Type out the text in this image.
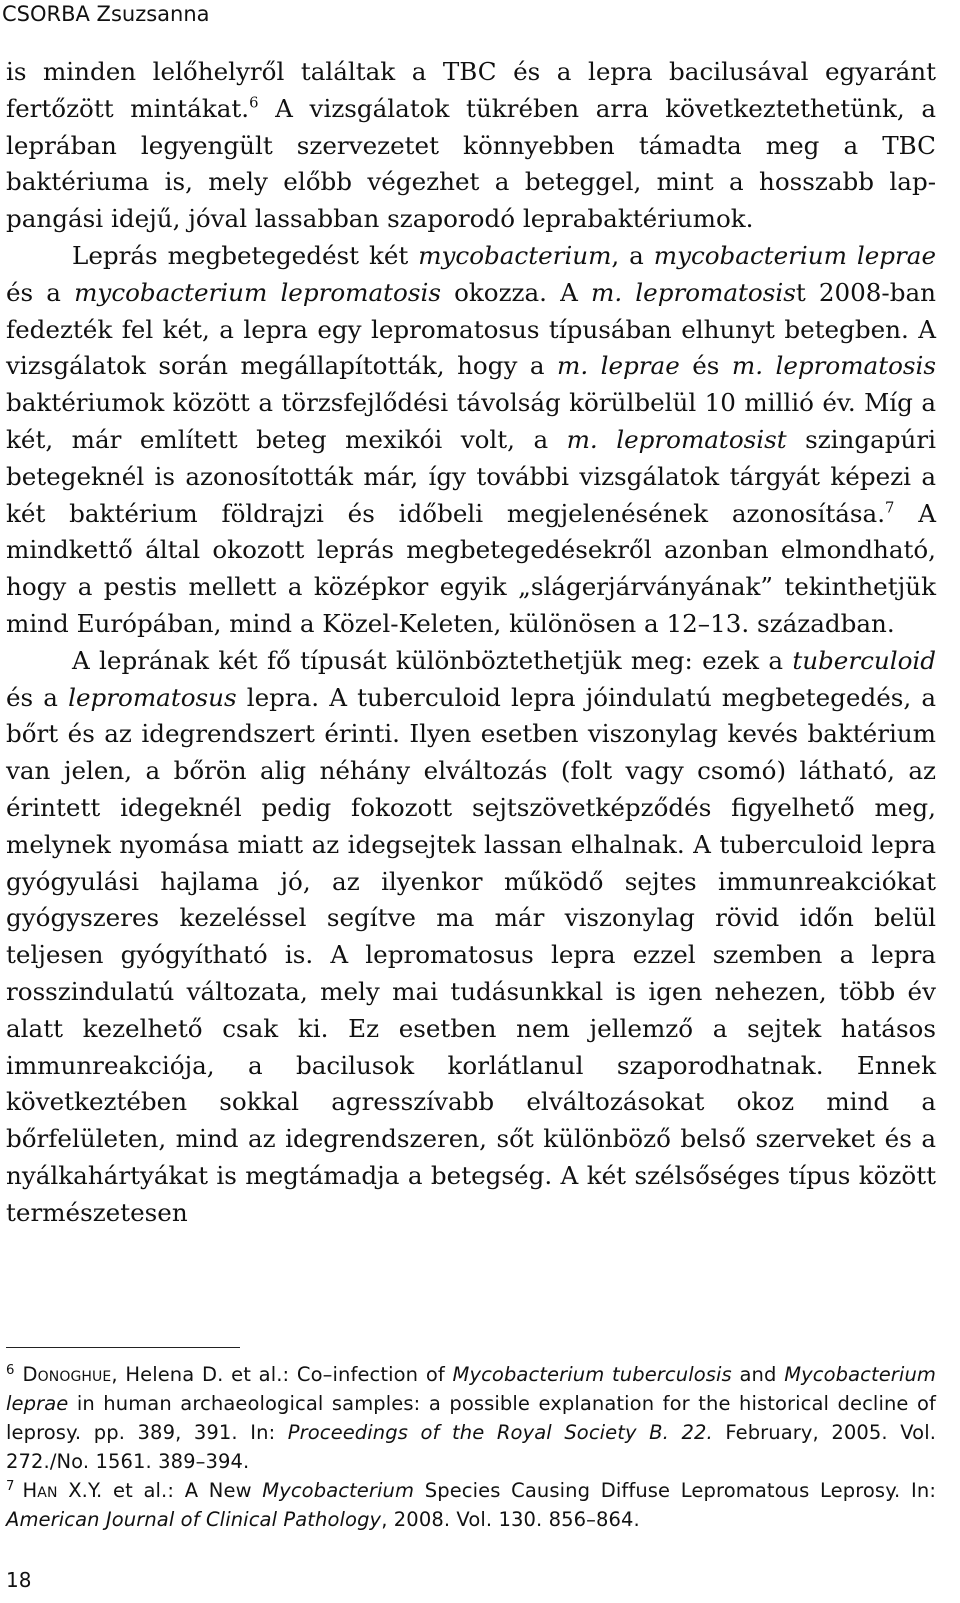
CSORBA Zsuzsanna

is minden lelőhelyről találtak a TBC és a lepra bacilusával egyaránt fertőzött mintákat.$^6$ A vizsgálatok tükrében arra következtethetünk, a leprában legyengült szervezetet könnyebben támadta meg a TBC baktériuma is, mely előbb végezhet a beteggel, mint a hosszabb lappangási idejű, jóval lassabban szaporodó leprabaktériumok.

Leprás megbetegedést két mycobacterium, a mycobacterium leprae és a mycobacterium lepromatosis okozza. A m. lepromatosist 2008-ban fedezték fel két, a lepra egy lepromatosus típusában elhunyt betegben. A vizsgálatok során megállapították, hogy a m. leprae és m. lepromatosis baktériumok között a törzsfejlődési távolság körülbelül 10 millió év. Míg a két, már említett beteg mexikói volt, a m. lepromatosist szingapúri betegeknél is azonosították már, így további vizsgálatok tárgyát képezi a két baktérium földrajzi és időbeli megjelenésének azonosítása.$^7$ A mindkettő által okozott leprás megbetegedésekről azonban elmondható, hogy a pestis mellett a középkor egyik „slágerjárványának” tekinthetjük mind Európában, mind a Közel-Keleten, különösen a 12–13. században.

A leprának két fő típusát különböztethetjük meg: ezek a tuberculoid és a lepromatosus lepra. A tuberculoid lepra jóindulatú megbetegedés, a bőrt és az idegrendszert érinti. Ilyen esetben viszonylag kevés baktérium van jelen, a bőrön alig néhány elváltozás (folt vagy csomó) látható, az érintett idegeknél pedig fokozott sejtszövetképződés figyelhető meg, melynek nyomása miatt az idegsejtek lassan elhalnak. A tuberculoid lepra gyógyulási hajlama jó, az ilyenkor működő sejtes immunreakciókat gyógyszeres kezeléssel segítve ma már viszonylag rövid időn belül teljesen gyógyítható is. A lepromatosus lepra ezzel szemben a lepra rosszindulatú változata, mely mai tudásunkkal is igen nehezen, több év alatt kezelhető csak ki. Ez esetben nem jellemző a sejtek hatásos immunreakciója, a bacilusok korlátlanul szaporodhatnak. Ennek következtében sokkal agresszívabb elváltozásokat okoz mind a bőrfelületen, mind az idegrendszeren, sőt különböző belső szerveket és a nyálkahártyákat is megtámadja a betegség. A két szélsőséges típus között természetesen

$^6$ Donoghue, Helena D. et al.: Co–infection of Mycobacterium tuberculosis and Mycobacterium leprae in human archaeological samples: a possible explanation for the historical decline of leprosy. pp. 389, 391. In: Proceedings of the Royal Society B. 22. February, 2005. Vol. 272./No. 1561. 389–394.

$^7$ Han X.Y. et al.: A New Mycobacterium Species Causing Diffuse Lepromatous Leprosy. In: American Journal of Clinical Pathology, 2008. Vol. 130. 856–864.

18
